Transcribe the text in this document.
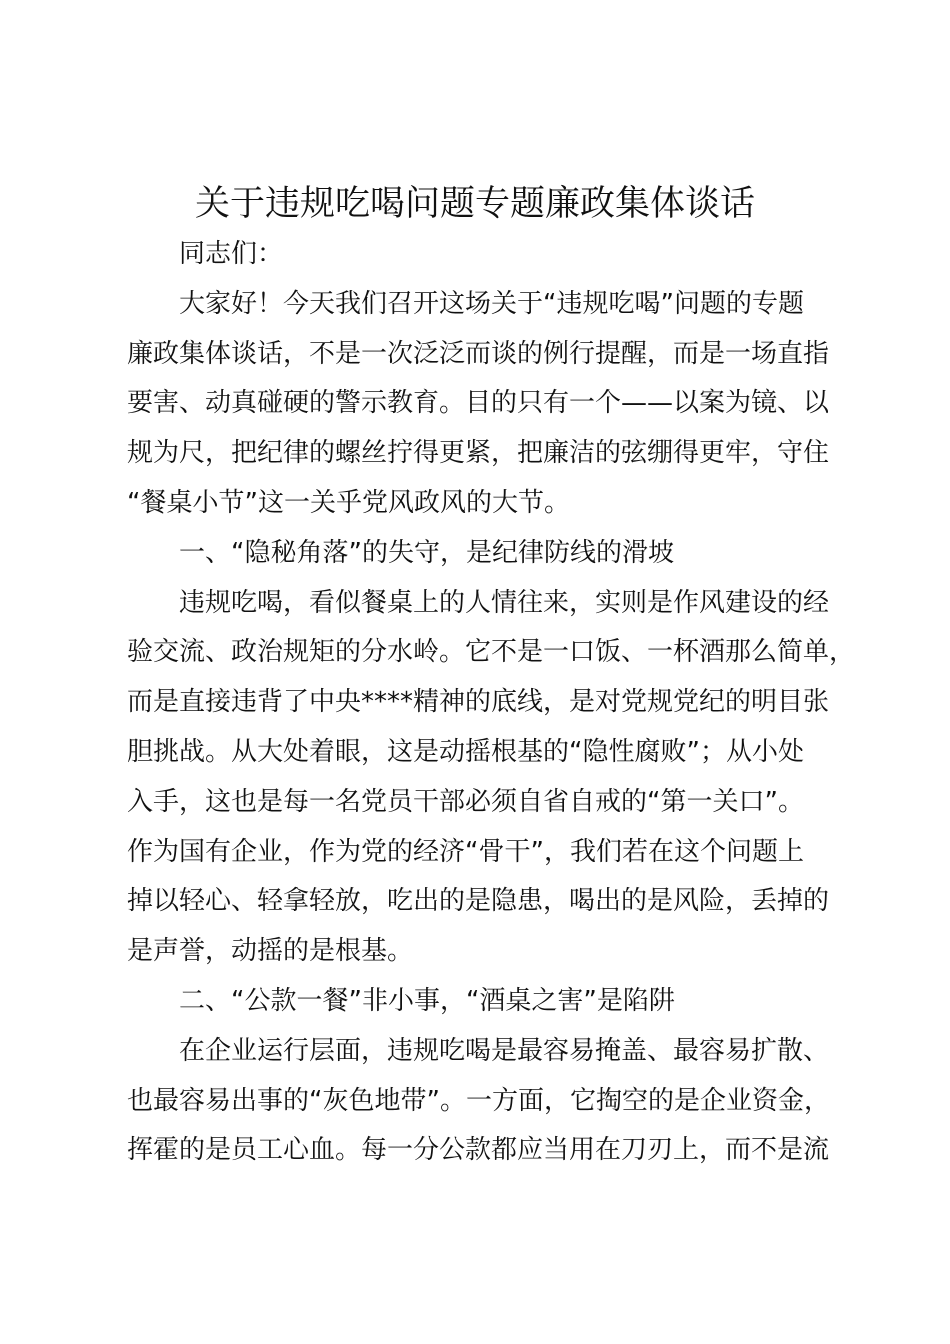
关于违规吃喝问题专题廉政集体谈话
同志们：
大家好！今天我们召开这场关于“违规吃喝”问题的专题
廉政集体谈话，不是一次泛泛而谈的例行提醒，而是一场直指
要害、动真碰硬的警示教育。目的只有一个——以案为镜、以
规为尺，把纪律的螺丝拧得更紧，把廉洁的弦绷得更牢，守住
“餐桌小节”这一关乎党风政风的大节。
一、“隐秘角落”的失守，是纪律防线的滑坡
违规吃喝，看似餐桌上的人情往来，实则是作风建设的经
验交流、政治规矩的分水岭。它不是一口饭、一杯酒那么简单，
而是直接违背了中央****精神的底线，是对党规党纪的明目张
胆挑战。从大处着眼，这是动摇根基的“隐性腐败”；从小处
入手，这也是每一名党员干部必须自省自戒的“第一关口”。
作为国有企业，作为党的经济“骨干”，我们若在这个问题上
掉以轻心、轻拿轻放，吃出的是隐患，喝出的是风险，丢掉的
是声誉，动摇的是根基。
二、“公款一餐”非小事，“酒桌之害”是陷阱
在企业运行层面，违规吃喝是最容易掩盖、最容易扩散、
也最容易出事的“灰色地带”。一方面，它掏空的是企业资金，
挥霍的是员工心血。每一分公款都应当用在刀刃上，而不是流
